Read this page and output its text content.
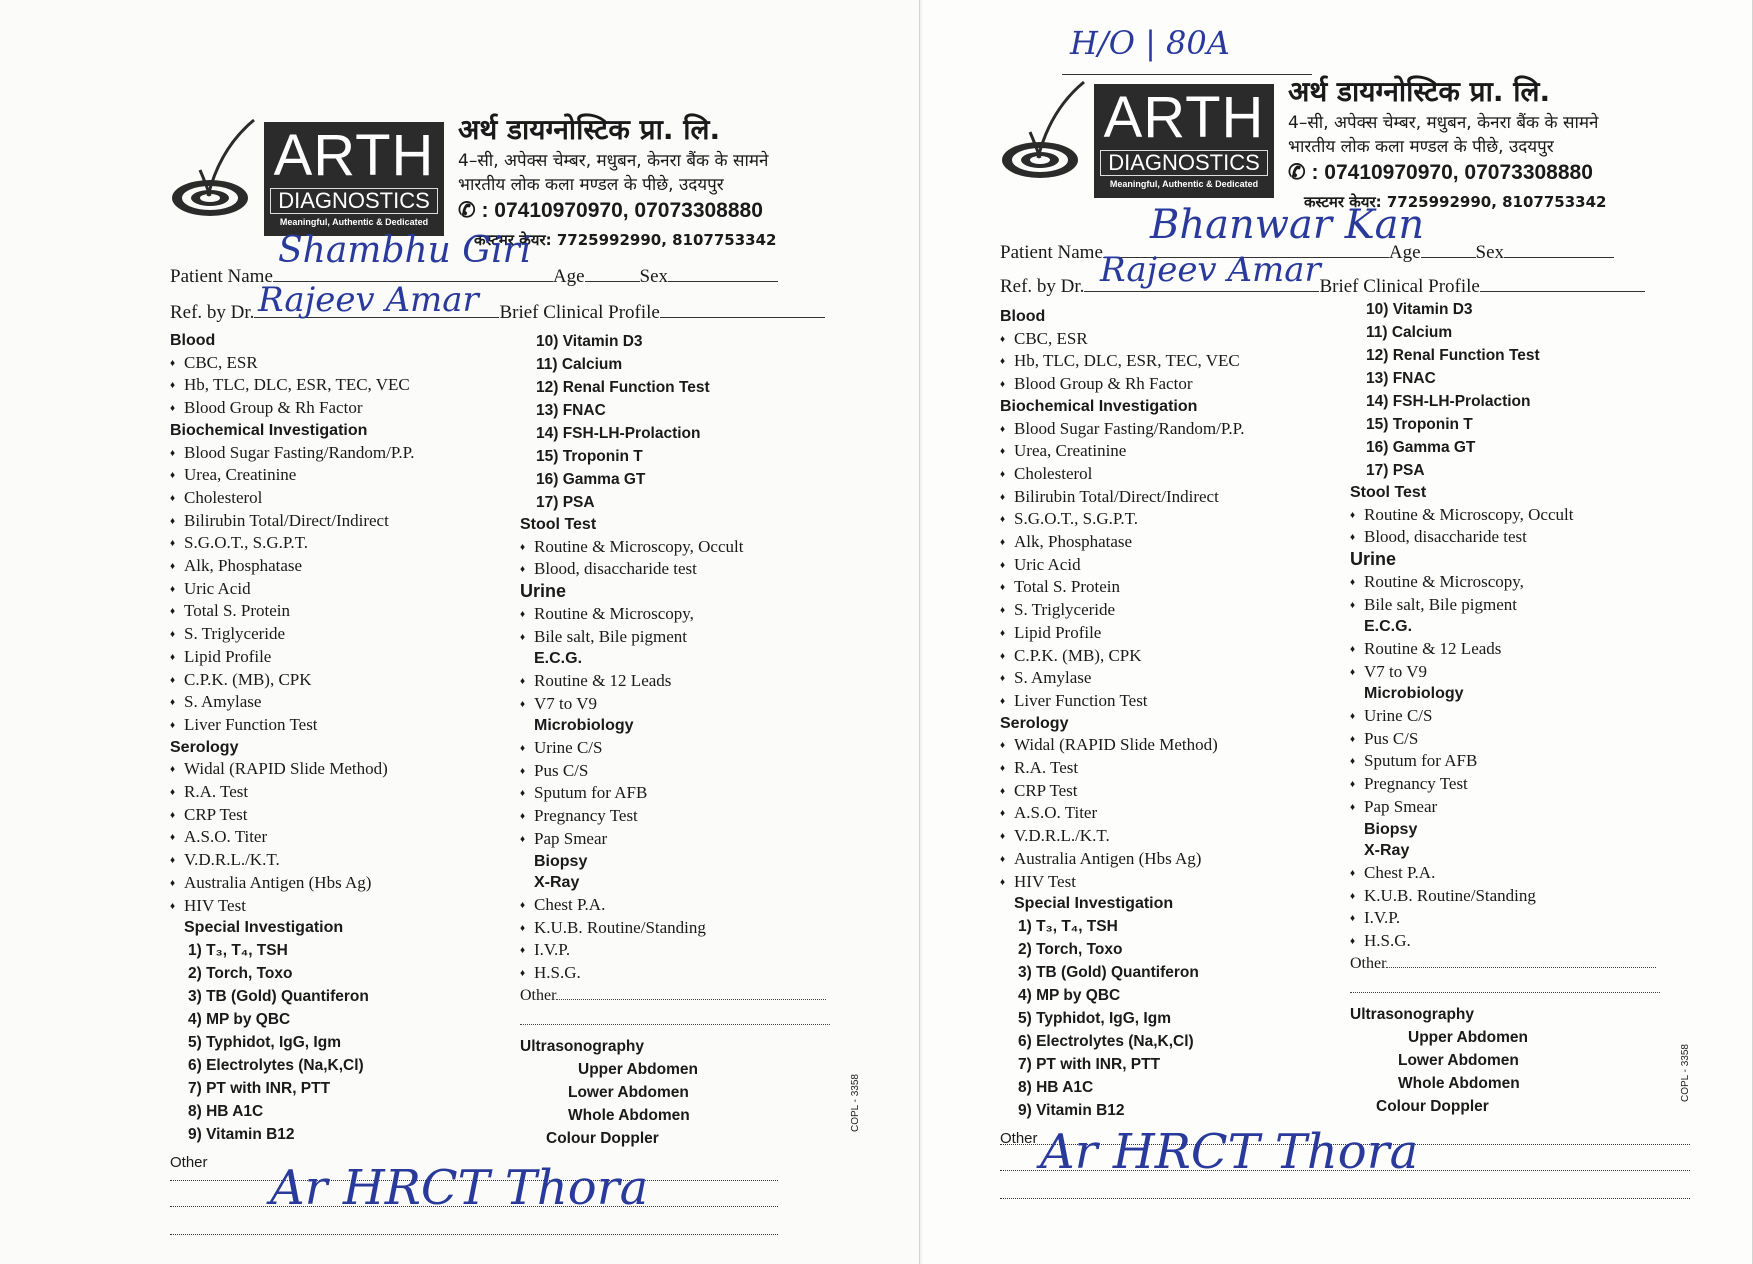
ARTH
DIAGNOSTICS
Meaningful, Authentic & Dedicated
अर्थ डायग्नोस्टिक प्रा. लि.
4–सी, अपेक्स चेम्बर, मधुबन, केनरा बैंक के सामने
भारतीय लोक कला मण्डल के पीछे, उदयपुर
✆ : 07410970970, 07073308880
कस्टमर केयर: 7725992990, 8107753342
Patient Name	Age	Sex
Ref. by Dr.	Brief Clinical Profile
Blood
♦ CBC, ESR
♦ Hb, TLC, DLC, ESR, TEC, VEC
♦ Blood Group & Rh Factor
Biochemical Investigation
♦ Blood Sugar Fasting/Random/P.P.
♦ Urea, Creatinine
♦ Cholesterol
♦ Bilirubin Total/Direct/Indirect
♦ S.G.O.T., S.G.P.T.
♦ Alk, Phosphatase
♦ Uric Acid
♦ Total S. Protein
♦ S. Triglyceride
♦ Lipid Profile
♦ C.P.K. (MB), CPK
♦ S. Amylase
♦ Liver Function Test
Serology
♦ Widal (RAPID Slide Method)
♦ R.A. Test
♦ CRP Test
♦ A.S.O. Titer
♦ V.D.R.L./K.T.
♦ Australia Antigen (Hbs Ag)
♦ HIV Test
Special Investigation
1) T₃, T₄, TSH
2) Torch, Toxo
3) TB (Gold) Quantiferon
4) MP by QBC
5) Typhidot, IgG, Igm
6) Electrolytes (Na,K,Cl)
7) PT with INR, PTT
8) HB A1C
9) Vitamin B12
Other
10) Vitamin D3
11) Calcium
12) Renal Function Test
13) FNAC
14) FSH-LH-Prolaction
15) Troponin T
16) Gamma GT
17) PSA
Stool Test
♦ Routine & Microscopy, Occult
♦ Blood, disaccharide test
Urine
♦ Routine & Microscopy,
♦ Bile salt, Bile pigment
E.C.G.
♦ Routine & 12 Leads
♦ V7 to V9
Microbiology
♦ Urine C/S
♦ Pus C/S
♦ Sputum for AFB
♦ Pregnancy Test
♦ Pap Smear
Biopsy
X-Ray
♦ Chest P.A.
♦ K.U.B. Routine/Standing
♦ I.V.P.
♦ H.S.G.
Other
Ultrasonography
Upper Abdomen
Lower Abdomen
Whole Abdomen
Colour Doppler
COPL - 3358
Shambhu Giri
Rajeev Amar
Ar HRCT Thora
H/O | 80A
ARTH
DIAGNOSTICS
Meaningful, Authentic & Dedicated
अर्थ डायग्नोस्टिक प्रा. लि.
4–सी, अपेक्स चेम्बर, मधुबन, केनरा बैंक के सामने
भारतीय लोक कला मण्डल के पीछे, उदयपुर
✆ : 07410970970, 07073308880
कस्टमर केयर: 7725992990, 8107753342
Patient Name	Age	Sex
Ref. by Dr.	Brief Clinical Profile
Blood
♦ CBC, ESR
♦ Hb, TLC, DLC, ESR, TEC, VEC
♦ Blood Group & Rh Factor
Biochemical Investigation
♦ Blood Sugar Fasting/Random/P.P.
♦ Urea, Creatinine
♦ Cholesterol
♦ Bilirubin Total/Direct/Indirect
♦ S.G.O.T., S.G.P.T.
♦ Alk, Phosphatase
♦ Uric Acid
♦ Total S. Protein
♦ S. Triglyceride
♦ Lipid Profile
♦ C.P.K. (MB), CPK
♦ S. Amylase
♦ Liver Function Test
Serology
♦ Widal (RAPID Slide Method)
♦ R.A. Test
♦ CRP Test
♦ A.S.O. Titer
♦ V.D.R.L./K.T.
♦ Australia Antigen (Hbs Ag)
♦ HIV Test
Special Investigation
1) T₃, T₄, TSH
2) Torch, Toxo
3) TB (Gold) Quantiferon
4) MP by QBC
5) Typhidot, IgG, Igm
6) Electrolytes (Na,K,Cl)
7) PT with INR, PTT
8) HB A1C
9) Vitamin B12
Other
10) Vitamin D3
11) Calcium
12) Renal Function Test
13) FNAC
14) FSH-LH-Prolaction
15) Troponin T
16) Gamma GT
17) PSA
Stool Test
♦ Routine & Microscopy, Occult
♦ Blood, disaccharide test
Urine
♦ Routine & Microscopy,
♦ Bile salt, Bile pigment
E.C.G.
♦ Routine & 12 Leads
♦ V7 to V9
Microbiology
♦ Urine C/S
♦ Pus C/S
♦ Sputum for AFB
♦ Pregnancy Test
♦ Pap Smear
Biopsy
X-Ray
♦ Chest P.A.
♦ K.U.B. Routine/Standing
♦ I.V.P.
♦ H.S.G.
Other
Ultrasonography
Upper Abdomen
Lower Abdomen
Whole Abdomen
Colour Doppler
COPL - 3358
Bhanwar Kan
Rajeev Amar
Ar HRCT Thora
